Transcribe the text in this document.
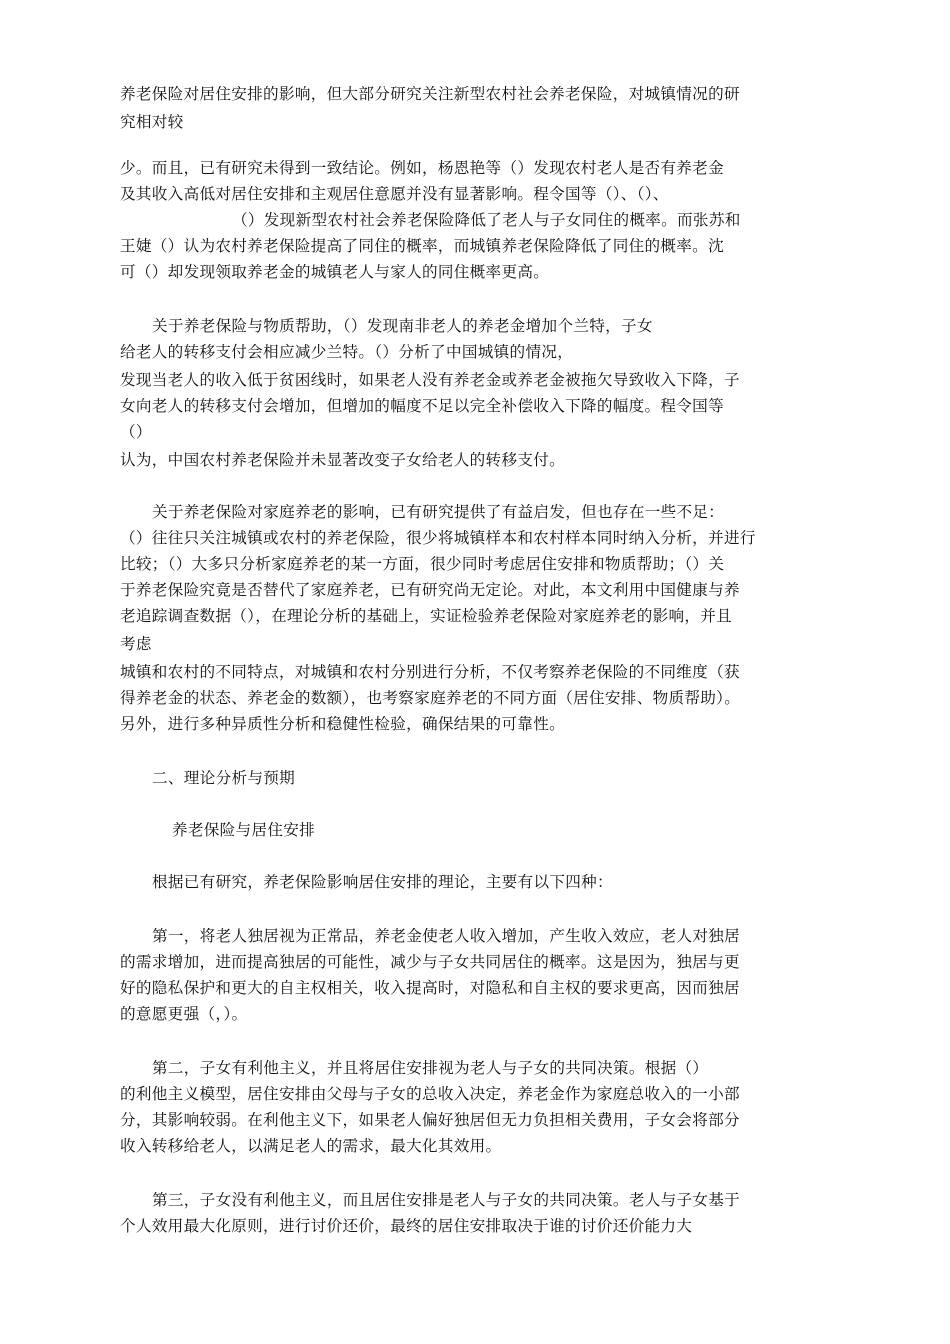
养老保险对居住安排的影响，但大部分研究关注新型农村社会养老保险，对城镇情况的研
究相对较
少。而且，已有研究未得到一致结论。例如，杨恩艳等（）发现农村老人是否有养老金
及其收入高低对居住安排和主观居住意愿并没有显著影响。程令国等（）、（）、
（）发现新型农村社会养老保险降低了老人与子女同住的概率。而张苏和
王婕（）认为农村养老保险提高了同住的概率，而城镇养老保险降低了同住的概率。沈
可（）却发现领取养老金的城镇老人与家人的同住概率更高。
关于养老保险与物质帮助，（）发现南非老人的养老金增加个兰特，子女
给老人的转移支付会相应减少兰特。（）分析了中国城镇的情况，
发现当老人的收入低于贫困线时，如果老人没有养老金或养老金被拖欠导致收入下降，子
女向老人的转移支付会增加，但增加的幅度不足以完全补偿收入下降的幅度。程令国等
（）
认为，中国农村养老保险并未显著改变子女给老人的转移支付。
关于养老保险对家庭养老的影响，已有研究提供了有益启发，但也存在一些不足：
（）往往只关注城镇或农村的养老保险，很少将城镇样本和农村样本同时纳入分析，并进行
比较；（）大多只分析家庭养老的某一方面，很少同时考虑居住安排和物质帮助；（）关
于养老保险究竟是否替代了家庭养老，已有研究尚无定论。对此，本文利用中国健康与养
老追踪调查数据（），在理论分析的基础上，实证检验养老保险对家庭养老的影响，并且
考虑
城镇和农村的不同特点，对城镇和农村分别进行分析，不仅考察养老保险的不同维度（获
得养老金的状态、养老金的数额），也考察家庭养老的不同方面（居住安排、物质帮助）。
另外，进行多种异质性分析和稳健性检验，确保结果的可靠性。
二、理论分析与预期
养老保险与居住安排
根据已有研究，养老保险影响居住安排的理论，主要有以下四种：
第一，将老人独居视为正常品，养老金使老人收入增加，产生收入效应，老人对独居
的需求增加，进而提高独居的可能性，减少与子女共同居住的概率。这是因为，独居与更
好的隐私保护和更大的自主权相关，收入提高时，对隐私和自主权的要求更高，因而独居
的意愿更强（，）。
第二，子女有利他主义，并且将居住安排视为老人与子女的共同决策。根据（）
的利他主义模型，居住安排由父母与子女的总收入决定，养老金作为家庭总收入的一小部
分，其影响较弱。在利他主义下，如果老人偏好独居但无力负担相关费用，子女会将部分
收入转移给老人，以满足老人的需求，最大化其效用。
第三，子女没有利他主义，而且居住安排是老人与子女的共同决策。老人与子女基于
个人效用最大化原则，进行讨价还价，最终的居住安排取决于谁的讨价还价能力大
